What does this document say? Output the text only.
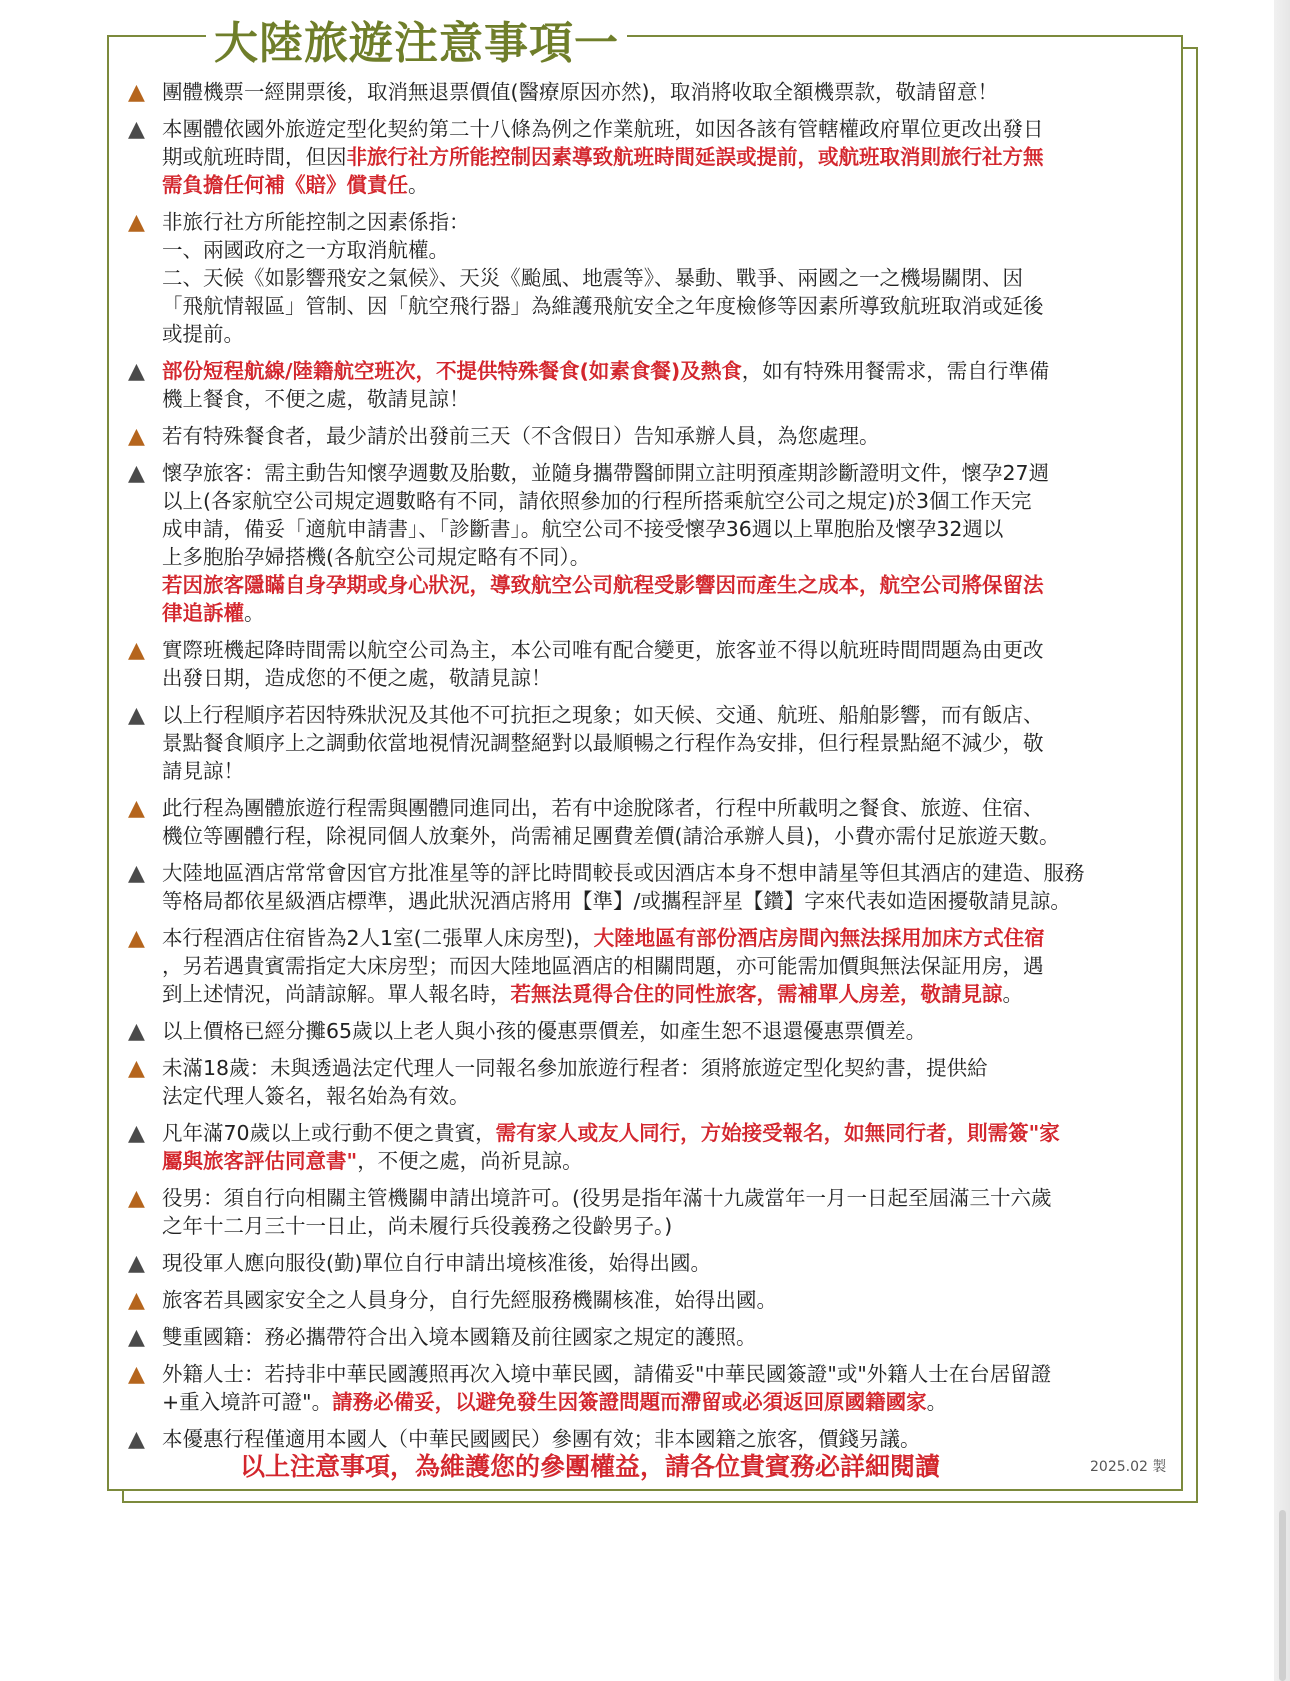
大陸旅遊注意事項一
▲ 團體機票一經開票後，取消無退票價值(醫療原因亦然)，取消將收取全額機票款，敬請留意！
▲ 本團體依國外旅遊定型化契約第二十八條為例之作業航班，如因各該有管轄權政府單位更改出發日
期或航班時間，但因非旅行社方所能控制因素導致航班時間延誤或提前，或航班取消則旅行社方無
需負擔任何補《賠》償責任。
▲ 非旅行社方所能控制之因素係指：
一、兩國政府之一方取消航權。
二、天候《如影響飛安之氣候》、天災《颱風、地震等》、暴動、戰爭、兩國之一之機場關閉、因
「飛航情報區」管制、因「航空飛行器」為維護飛航安全之年度檢修等因素所導致航班取消或延後
或提前。
▲ 部份短程航線/陸籍航空班次，不提供特殊餐食(如素食餐)及熱食，如有特殊用餐需求，需自行準備
機上餐食，不便之處，敬請見諒！
▲ 若有特殊餐食者，最少請於出發前三天（不含假日）告知承辦人員，為您處理。
▲ 懷孕旅客：需主動告知懷孕週數及胎數，並隨身攜帶醫師開立註明預產期診斷證明文件，懷孕27週
以上(各家航空公司規定週數略有不同，請依照參加的行程所搭乘航空公司之規定)於3個工作天完
成申請，備妥「適航申請書」、「診斷書」。航空公司不接受懷孕36週以上單胞胎及懷孕32週以
上多胞胎孕婦搭機(各航空公司規定略有不同）。
若因旅客隱瞞自身孕期或身心狀況，導致航空公司航程受影響因而產生之成本，航空公司將保留法
律追訴權。
▲ 實際班機起降時間需以航空公司為主，本公司唯有配合變更，旅客並不得以航班時間問題為由更改
出發日期，造成您的不便之處，敬請見諒！
▲ 以上行程順序若因特殊狀況及其他不可抗拒之現象；如天候、交通、航班、船舶影響，而有飯店、
景點餐食順序上之調動依當地視情況調整絕對以最順暢之行程作為安排，但行程景點絕不減少，敬
請見諒！
▲ 此行程為團體旅遊行程需與團體同進同出，若有中途脫隊者，行程中所載明之餐食、旅遊、住宿、
機位等團體行程，除視同個人放棄外，尚需補足團費差價(請洽承辦人員)，小費亦需付足旅遊天數。
▲ 大陸地區酒店常常會因官方批准星等的評比時間較長或因酒店本身不想申請星等但其酒店的建造、服務
等格局都依星級酒店標準，遇此狀況酒店將用【準】/或攜程評星【鑽】字來代表如造困擾敬請見諒。
▲ 本行程酒店住宿皆為2人1室(二張單人床房型)，大陸地區有部份酒店房間內無法採用加床方式住宿
，另若遇貴賓需指定大床房型；而因大陸地區酒店的相關問題，亦可能需加價與無法保証用房，遇
到上述情況，尚請諒解。單人報名時，若無法覓得合住的同性旅客，需補單人房差，敬請見諒。
▲ 以上價格已經分攤65歲以上老人與小孩的優惠票價差，如產生恕不退還優惠票價差。
▲ 未滿18歲：未與透過法定代理人一同報名參加旅遊行程者：須將旅遊定型化契約書，提供給
法定代理人簽名，報名始為有效。
▲ 凡年滿70歲以上或行動不便之貴賓，需有家人或友人同行，方始接受報名，如無同行者，則需簽"家
屬與旅客評估同意書"，不便之處，尚祈見諒。
▲ 役男：須自行向相關主管機關申請出境許可。(役男是指年滿十九歲當年一月一日起至屆滿三十六歲
之年十二月三十一日止，尚未履行兵役義務之役齡男子。)
▲ 現役軍人應向服役(勤)單位自行申請出境核准後，始得出國。
▲ 旅客若具國家安全之人員身分，自行先經服務機關核准，始得出國。
▲ 雙重國籍：務必攜帶符合出入境本國籍及前往國家之規定的護照。
▲ 外籍人士：若持非中華民國護照再次入境中華民國，請備妥"中華民國簽證"或"外籍人士在台居留證
+重入境許可證"。請務必備妥，以避免發生因簽證問題而滯留或必須返回原國籍國家。
▲ 本優惠行程僅適用本國人（中華民國國民）參團有效；非本國籍之旅客，價錢另議。
以上注意事項，為維護您的參團權益，請各位貴賓務必詳細閱讀	2025.02 製
